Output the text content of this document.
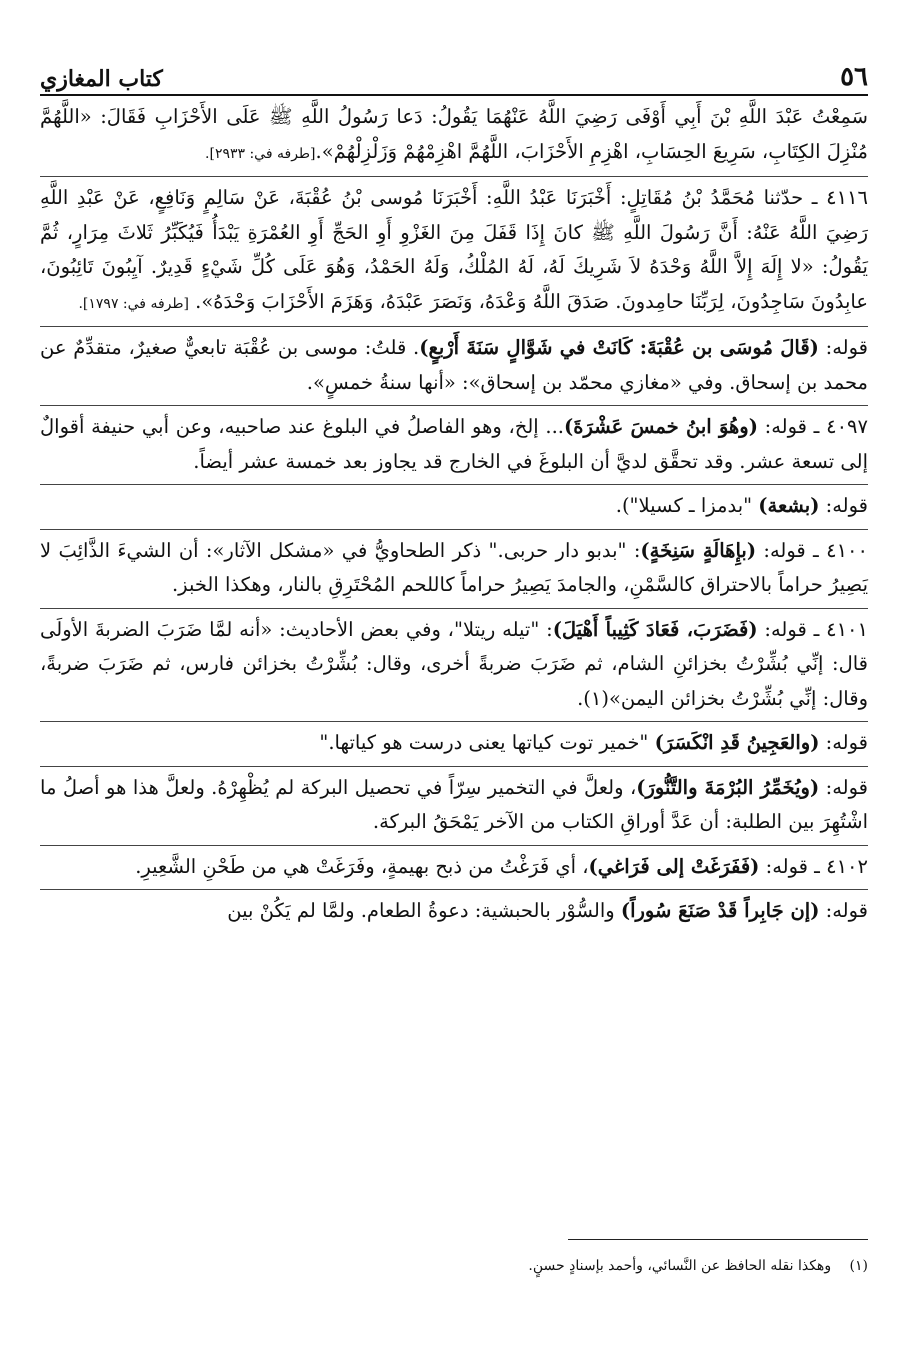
٥٦
كتاب المغازي

سَمِعْتُ عَبْدَ اللَّهِ بْنَ أَبِي أَوْفَى رَضِيَ اللَّهُ عَنْهُمَا يَقُولُ: دَعا رَسُولُ اللَّهِ ﷺ عَلَى الأَحْزَابِ فَقَالَ: «اللَّهُمَّ مُنْزِلَ الكِتَابِ، سَرِيعَ الحِسَابِ، اهْزِمِ الأَحْزَابَ، اللَّهُمَّ اهْزِمْهُمْ وَزَلْزِلْهُمْ».[طرفه في: ٢٩٣٣].

٤١١٦ ـ حدّثنا مُحَمَّدُ بْنُ مُقَاتِلٍ: أَخْبَرَنَا عَبْدُ اللَّهِ: أَخْبَرَنَا مُوسى بْنُ عُقْبَةَ، عَنْ سَالِمٍ وَنَافِعٍ، عَنْ عَبْدِ اللَّهِ رَضِيَ اللَّهُ عَنْهُ: أَنَّ رَسُولَ اللَّهِ ﷺ كانَ إِذَا قَفَلَ مِنَ الغَزْوِ أَوِ الحَجِّ أَوِ العُمْرَةِ يَبْدَأُ فَيُكَبِّرُ ثَلاثَ مِرَارٍ، ثُمَّ يَقُولُ: «لا إِلَهَ إِلاَّ اللَّهُ وَحْدَهُ لاَ شَرِيكَ لَهُ، لَهُ المُلْكُ، وَلَهُ الحَمْدُ، وَهُوَ عَلَى كُلِّ شَيْءٍ قَدِيرٌ. آيِبُونَ تَائِبُونَ، عابِدُونَ سَاجِدُونَ، لِرَبِّنَا حامِدونَ. صَدَقَ اللَّهُ وَعْدَهُ، وَنَصَرَ عَبْدَهُ، وَهَزَمَ الأَحْزَابَ وَحْدَهُ». [طرفه في: ١٧٩٧].

قوله: (قَالَ مُوسَى بن عُقْبَةَ: كَانَتْ في شَوَّالٍ سَنَةَ أَرْبعٍ). قلتُ: موسى بن عُقْبَة تابعيٌّ صغيرٌ، متقدِّمٌ عن محمد بن إسحاق. وفي «مغازي محمّد بن إسحاق»: «أنها سنةُ خمسٍ».

٤٠٩٧ ـ قوله: (وهُوَ ابنُ خمسَ عَشْرَةَ)... إلخ، وهو الفاصلُ في البلوغ عند صاحبيه، وعن أبي حنيفة أقوالٌ إلى تسعة عشر. وقد تحقَّق لديَّ أن البلوغَ في الخارج قد يجاوز بعد خمسة عشر أيضاً.

قوله: (بشعة) "بدمزا ـ كسيلا").

٤١٠٠ ـ قوله: (بإِهَالَةٍ سَنِخَةٍ): "بدبو دار حربى." ذكر الطحاويُّ في «مشكل الآثار»: أن الشيءَ الذَّائِبَ لا يَصِيرُ حراماً بالاحتراق كالسَّمْنِ، والجامدَ يَصِيرُ حراماً كاللحم المُحْتَرِقِ بالنار، وهكذا الخبز.

٤١٠١ ـ قوله: (فَضَرَبَ، فَعَادَ كَثِيباً أَهْيَلَ): "تيله ريتلا"، وفي بعض الأحاديث: «أنه لمَّا ضَرَبَ الضربةَ الأولَى قال: إنِّي بُشِّرْتُ بخزائنِ الشام، ثم ضَرَبَ ضربةً أخرى، وقال: بُشِّرْتُ بخزائن فارس، ثم ضَرَبَ ضربةً، وقال: إنِّي بُشِّرْتُ بخزائن اليمن»(١).

قوله: (والعَجِينُ قَدِ انْكَسَرَ) "خمير توت كياتها يعنى درست هو كياتها."

قوله: (ويُخَمِّرُ البُرْمَةَ والتَّنُّورَ)، ولعلَّ في التخمير سِرّاً في تحصيل البركة لم يُظْهِرْهُ. ولعلَّ هذا هو أصلُ ما اشْتُهِرَ بين الطلبة: أن عَدَّ أوراقِ الكتاب من الآخر يَمْحَقُ البركة.

٤١٠٢ ـ قوله: (فَفَرَغَتْ إلى فَرَاغي)، أي فَرَغْتُ من ذبح بهيمةٍ، وفَرَغَتْ هي من طَحْنِ الشَّعِيرِ.

قوله: (إن جَابِراً قَدْ صَنَعَ سُوراً) والسُّوْر بالحبشية: دعوةُ الطعام. ولمَّا لم يَكُنْ بين

(١) وهكذا نقله الحافظ عن النَّسائي، وأحمد بإسنادٍ حسنٍ.
